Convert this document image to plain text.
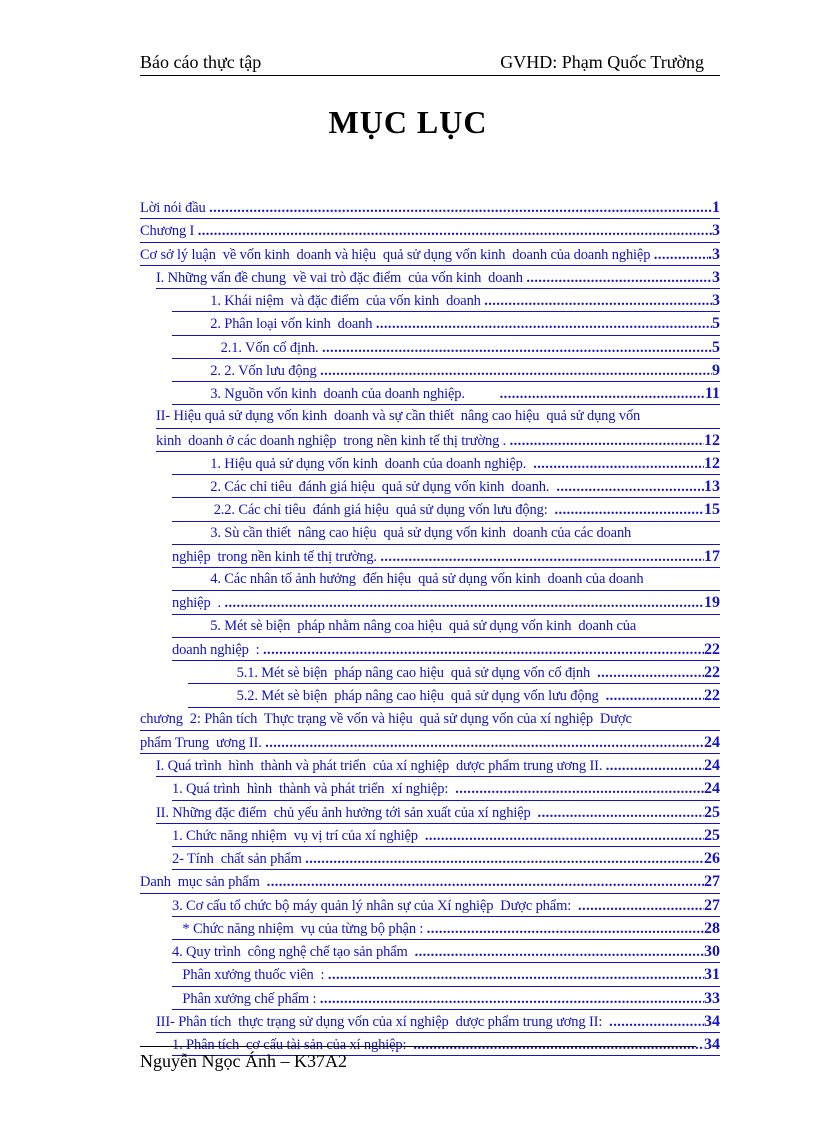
Báo cáo thực tập	GVHD: Phạm Quốc Trường
MỤC LỤC
Lời nói đầu .....	1
Chương I .....	3
Cơ sở lý luận  về vốn kinh  doanh và hiệu  quả sử dụng vốn kinh  doanh của doanh nghiệp .....	.3
I. Những vấn đề chung  về vai trò đặc điểm  của vốn kinh  doanh .....	3
1. Khái niệm  và đặc điểm  của vốn kinh  doanh .....	3
2. Phân loại vốn kinh  doanh .....	5
2.1. Vốn cố định. .....	5
2. 2. Vốn lưu động .....	9
3. Nguồn vốn kinh  doanh của doanh nghiệp. .....	11
II- Hiệu quả sử dụng vốn kinh  doanh và sự cần thiết  nâng cao hiệu  quả sử dụng vốn
kinh  doanh ở các doanh nghiệp  trong nền kinh tế thị trường . .....	12
1. Hiệu quả sử dụng vốn kinh  doanh của doanh nghiệp. .....	12
2. Các chỉ tiêu  đánh giá hiệu  quả sử dụng vốn kinh  doanh. .....	13
2.2. Các chỉ tiêu  đánh giá hiệu  quả sử dụng vốn lưu động: .....	15
3. Sù cần thiết  nâng cao hiệu  quả sử dụng vốn kinh  doanh của các doanh
nghiệp  trong nền kinh tế thị trường. .....	17
4. Các nhân tố ảnh hưởng  đến hiệu  quả sử dụng vốn kinh  doanh của doanh
nghiệp  . .....	19
5. Mét sè biện  pháp nhằm nâng coa hiệu  quả sử dụng vốn kinh  doanh của
doanh nghiệp  : .....	22
5.1. Mét sè biện  pháp nâng cao hiệu  quả sử dụng vốn cố định .....	22
5.2. Mét sè biện  pháp nâng cao hiệu  quả sử dụng vốn lưu động .....	22
chương  2: Phân tích  Thực trạng về vốn và hiệu  quả sử dụng vốn của xí nghiệp  Dược
phẩm Trung  ương II. .....	24
I. Quá trình  hình  thành và phát triển  của xí nghiệp  dược phẩm trung ương II. .....	24
1. Quá trình  hình  thành và phát triển  xí nghiệp: .....	24
II. Những đặc điểm  chủ yếu ảnh hưởng tới sản xuất của xí nghiệp .....	25
1. Chức năng nhiệm  vụ vị trí của xí nghiệp .....	25
2- Tính  chất sản phẩm .....	26
Danh  mục sản phẩm .....	27
3. Cơ cấu tổ chức bộ máy quản lý nhân sự của Xí nghiệp  Dược phẩm: .....	27
* Chức năng nhiệm  vụ của từng bộ phận : .....	28
4. Quy trình  công nghệ chế tạo sản phẩm .....	30
Phân xưởng thuốc viên  : .....	31
Phân xưởng chế phẩm : .....	33
III- Phân tích  thực trạng sử dụng vốn của xí nghiệp  dược phẩm trung ương II: .....	34
1. Phân tích  cơ cấu tài sản của xí nghiệp: .....	34
Nguyễn Ngọc Ánh – K37A2
